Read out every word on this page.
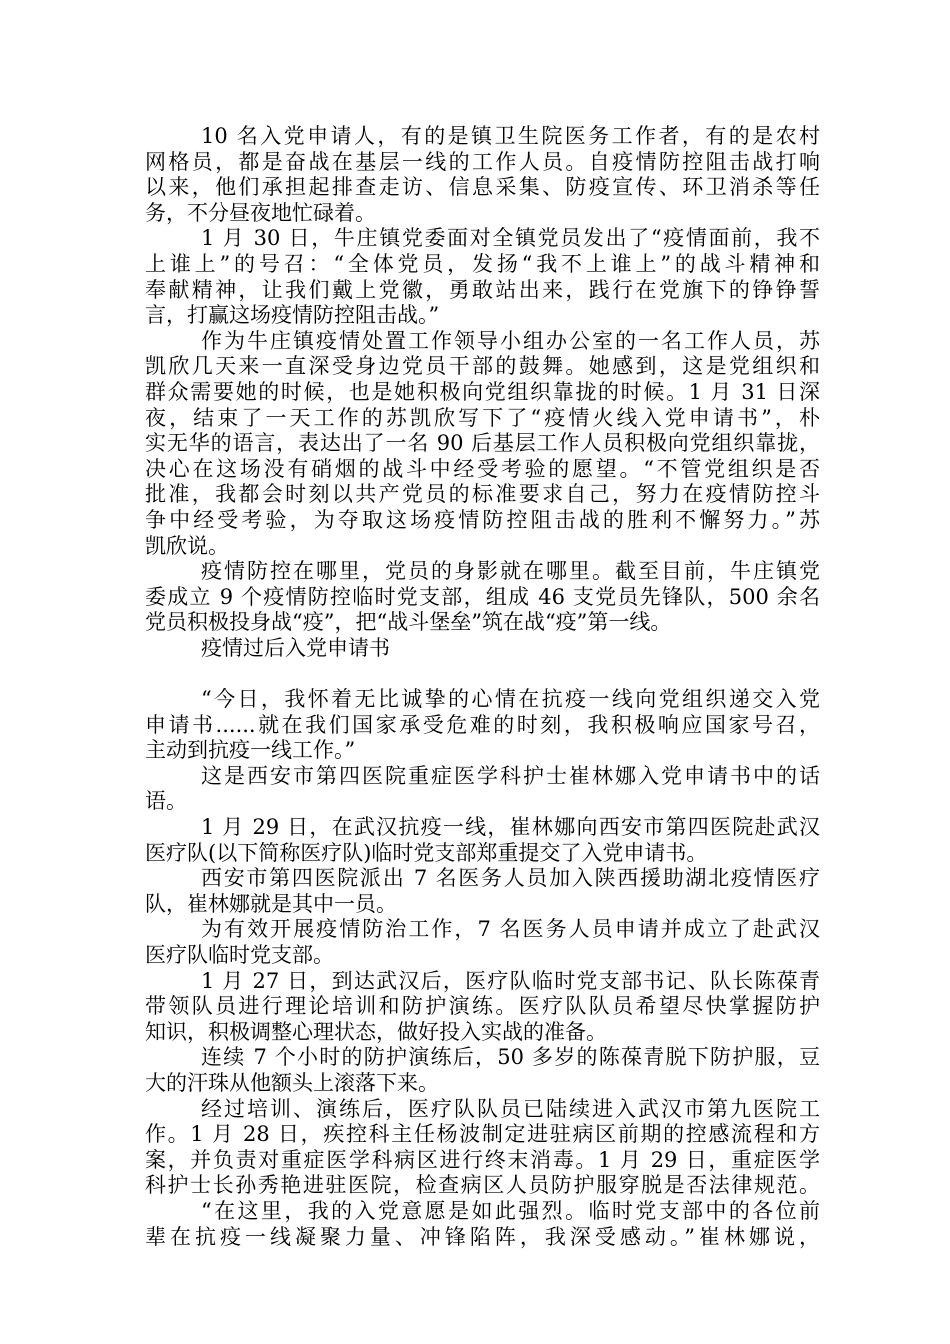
10 名入党申请人，有的是镇卫生院医务工作者，有的是农村
网格员，都是奋战在基层一线的工作人员。自疫情防控阻击战打响
以来，他们承担起排查走访、信息采集、防疫宣传、环卫消杀等任
务，不分昼夜地忙碌着。
1 月 30 日，牛庄镇党委面对全镇党员发出了“疫情面前，我不
上谁上”的号召：“全体党员，发扬“我不上谁上”的战斗精神和
奉献精神，让我们戴上党徽，勇敢站出来，践行在党旗下的铮铮誓
言，打赢这场疫情防控阻击战。”
作为牛庄镇疫情处置工作领导小组办公室的一名工作人员，苏
凯欣几天来一直深受身边党员干部的鼓舞。她感到，这是党组织和
群众需要她的时候，也是她积极向党组织靠拢的时候。1 月 31 日深
夜，结束了一天工作的苏凯欣写下了“疫情火线入党申请书”，朴
实无华的语言，表达出了一名 90 后基层工作人员积极向党组织靠拢，
决心在这场没有硝烟的战斗中经受考验的愿望。“不管党组织是否
批准，我都会时刻以共产党员的标准要求自己，努力在疫情防控斗
争中经受考验，为夺取这场疫情防控阻击战的胜利不懈努力。”苏
凯欣说。
疫情防控在哪里，党员的身影就在哪里。截至目前，牛庄镇党
委成立 9 个疫情防控临时党支部，组成 46 支党员先锋队，500 余名
党员积极投身战“疫”，把“战斗堡垒”筑在战“疫”第一线。
疫情过后入党申请书
“今日，我怀着无比诚挚的心情在抗疫一线向党组织递交入党
申请书......就在我们国家承受危难的时刻，我积极响应国家号召，
主动到抗疫一线工作。”
这是西安市第四医院重症医学科护士崔林娜入党申请书中的话
语。
1 月 29 日，在武汉抗疫一线，崔林娜向西安市第四医院赴武汉
医疗队(以下简称医疗队)临时党支部郑重提交了入党申请书。
西安市第四医院派出 7 名医务人员加入陕西援助湖北疫情医疗
队，崔林娜就是其中一员。
为有效开展疫情防治工作，7 名医务人员申请并成立了赴武汉
医疗队临时党支部。
1 月 27 日，到达武汉后，医疗队临时党支部书记、队长陈葆青
带领队员进行理论培训和防护演练。医疗队队员希望尽快掌握防护
知识，积极调整心理状态，做好投入实战的准备。
连续 7 个小时的防护演练后，50 多岁的陈葆青脱下防护服，豆
大的汗珠从他额头上滚落下来。
经过培训、演练后，医疗队队员已陆续进入武汉市第九医院工
作。1 月 28 日，疾控科主任杨波制定进驻病区前期的控感流程和方
案，并负责对重症医学科病区进行终末消毒。1 月 29 日，重症医学
科护士长孙秀艳进驻医院，检查病区人员防护服穿脱是否法律规范。
“在这里，我的入党意愿是如此强烈。临时党支部中的各位前
辈在抗疫一线凝聚力量、冲锋陷阵，我深受感动。”崔林娜说，
